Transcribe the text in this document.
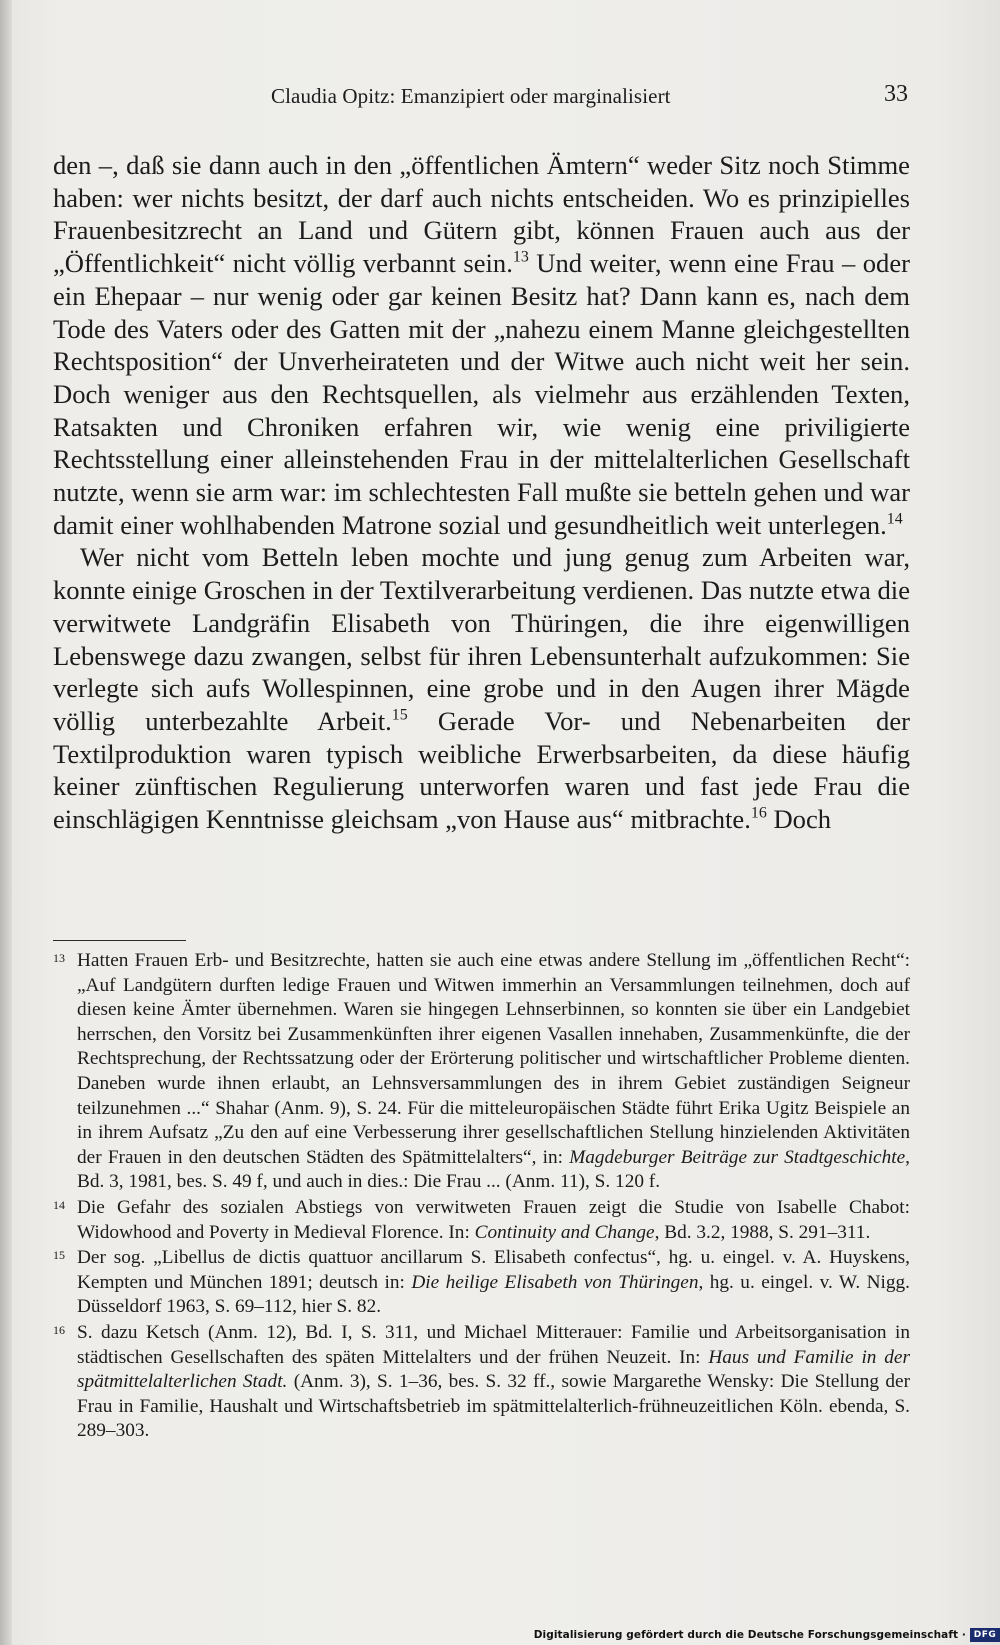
Claudia Opitz: Emanzipiert oder marginalisiert	33

den –, daß sie dann auch in den „öffentlichen Ämtern“ weder Sitz noch Stimme haben: wer nichts besitzt, der darf auch nichts entscheiden. Wo es prinzipielles Frauenbesitzrecht an Land und Gütern gibt, können Frauen auch aus der „Öffentlichkeit“ nicht völlig verbannt sein.$^{13}$ Und weiter, wenn eine Frau – oder ein Ehepaar – nur wenig oder gar keinen Besitz hat? Dann kann es, nach dem Tode des Vaters oder des Gatten mit der „nahezu einem Manne gleichgestellten Rechtsposition“ der Unverheirateten und der Witwe auch nicht weit her sein. Doch weniger aus den Rechtsquellen, als vielmehr aus erzählenden Texten, Ratsakten und Chroniken erfahren wir, wie wenig eine priviligierte Rechtsstellung einer alleinstehenden Frau in der mittelalterlichen Gesellschaft nutzte, wenn sie arm war: im schlechtesten Fall mußte sie betteln gehen und war damit einer wohlhabenden Matrone sozial und gesundheitlich weit unterlegen.$^{14}$

Wer nicht vom Betteln leben mochte und jung genug zum Arbeiten war, konnte einige Groschen in der Textilverarbeitung verdienen. Das nutzte etwa die verwitwete Landgräfin Elisabeth von Thüringen, die ihre eigenwilligen Lebenswege dazu zwangen, selbst für ihren Lebensunterhalt aufzukommen: Sie verlegte sich aufs Wollespinnen, eine grobe und in den Augen ihrer Mägde völlig unterbezahlte Arbeit.$^{15}$ Gerade Vor- und Nebenarbeiten der Textilproduktion waren typisch weibliche Erwerbsarbeiten, da diese häufig keiner zünftischen Regulierung unterworfen waren und fast jede Frau die einschlägigen Kenntnisse gleichsam „von Hause aus“ mitbrachte.$^{16}$ Doch

13 Hatten Frauen Erb- und Besitzrechte, hatten sie auch eine etwas andere Stellung im „öffentlichen Recht“: „Auf Landgütern durften ledige Frauen und Witwen immerhin an Versammlungen teilnehmen, doch auf diesen keine Ämter übernehmen. Waren sie hingegen Lehnserbinnen, so konnten sie über ein Landgebiet herrschen, den Vorsitz bei Zusammenkünften ihrer eigenen Vasallen innehaben, Zusammenkünfte, die der Rechtsprechung, der Rechtssatzung oder der Erörterung politischer und wirtschaftlicher Probleme dienten. Daneben wurde ihnen erlaubt, an Lehnsversammlungen des in ihrem Gebiet zuständigen Seigneur teilzunehmen ...“ Shahar (Anm. 9), S. 24. Für die mitteleuropäischen Städte führt Erika Ugitz Beispiele an in ihrem Aufsatz „Zu den auf eine Verbesserung ihrer gesellschaftlichen Stellung hinzielenden Aktivitäten der Frauen in den deutschen Städten des Spätmittelalters“, in: Magdeburger Beiträge zur Stadtgeschichte, Bd. 3, 1981, bes. S. 49 f, und auch in dies.: Die Frau ... (Anm. 11), S. 120 f.
14 Die Gefahr des sozialen Abstiegs von verwitweten Frauen zeigt die Studie von Isabelle Chabot: Widowhood and Poverty in Medieval Florence. In: Continuity and Change, Bd. 3.2, 1988, S. 291–311.
15 Der sog. „Libellus de dictis quattuor ancillarum S. Elisabeth confectus“, hg. u. eingel. v. A. Huyskens, Kempten und München 1891; deutsch in: Die heilige Elisabeth von Thüringen, hg. u. eingel. v. W. Nigg. Düsseldorf 1963, S. 69–112, hier S. 82.
16 S. dazu Ketsch (Anm. 12), Bd. I, S. 311, und Michael Mitterauer: Familie und Arbeitsorganisation in städtischen Gesellschaften des späten Mittelalters und der frühen Neuzeit. In: Haus und Familie in der spätmittelalterlichen Stadt. (Anm. 3), S. 1–36, bes. S. 32 ff., sowie Margarethe Wensky: Die Stellung der Frau in Familie, Haushalt und Wirtschaftsbetrieb im spätmittelalterlich-frühneuzeitlichen Köln. ebenda, S. 289–303.
Digitalisierung gefördert durch die Deutsche Forschungsgemeinschaft · DFG
